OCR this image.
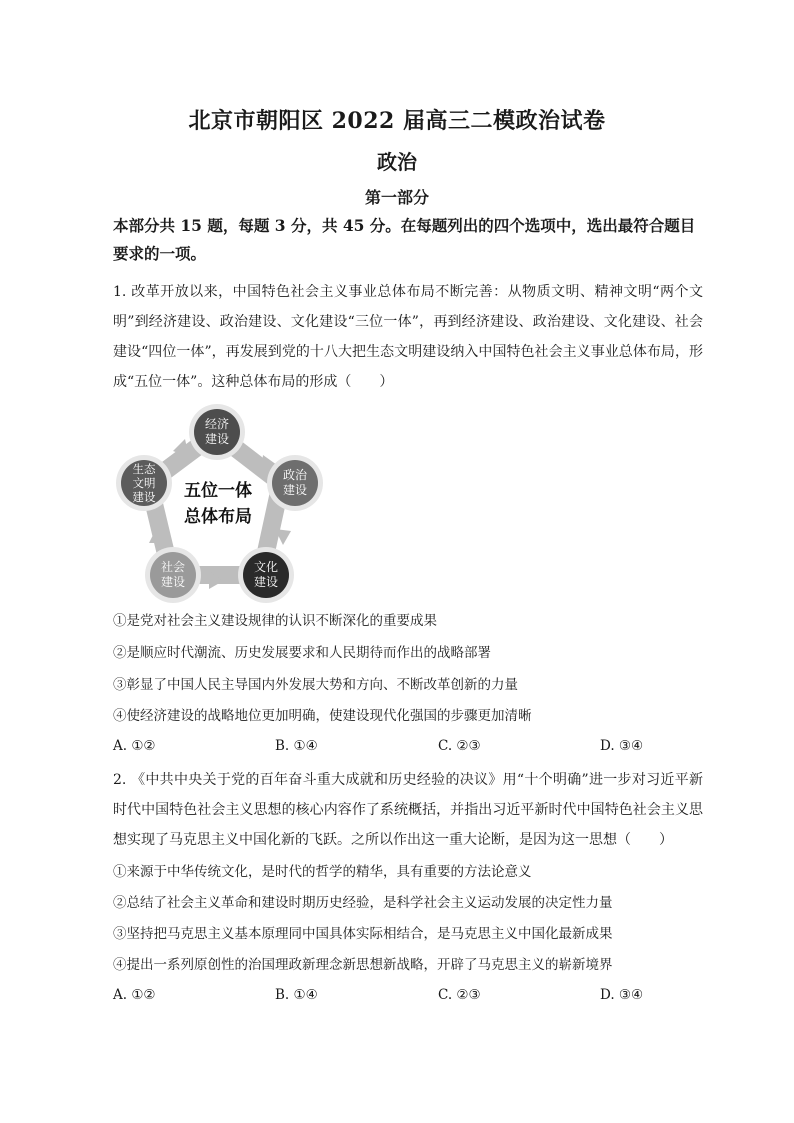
北京市朝阳区 2022 届高三二模政治试卷
政治
第一部分
本部分共 15 题，每题 3 分，共 45 分。在每题列出的四个选项中，选出最符合题目要求的一项。
1. 改革开放以来，中国特色社会主义事业总体布局不断完善：从物质文明、精神文明“两个文明”到经济建设、政治建设、文化建设“三位一体”，再到经济建设、政治建设、文化建设、社会建设“四位一体”，再发展到党的十八大把生态文明建设纳入中国特色社会主义事业总体布局，形成“五位一体”。这种总体布局的形成（　　）
五位一体
总体布局
经济
建设
政治
建设
文化
建设
社会
建设
生态
文明
建设
①是党对社会主义建设规律的认识不断深化的重要成果
②是顺应时代潮流、历史发展要求和人民期待而作出的战略部署
③彰显了中国人民主导国内外发展大势和方向、不断改革创新的力量
④使经济建设的战略地位更加明确，使建设现代化强国的步骤更加清晰
A. ①②	B. ①④	C. ②③	D. ③④
2. 《中共中央关于党的百年奋斗重大成就和历史经验的决议》用“十个明确”进一步对习近平新时代中国特色社会主义思想的核心内容作了系统概括，并指出习近平新时代中国特色社会主义思想实现了马克思主义中国化新的飞跃。之所以作出这一重大论断，是因为这一思想（　　）
①来源于中华传统文化，是时代的哲学的精华，具有重要的方法论意义
②总结了社会主义革命和建设时期历史经验，是科学社会主义运动发展的决定性力量
③坚持把马克思主义基本原理同中国具体实际相结合，是马克思主义中国化最新成果
④提出一系列原创性的治国理政新理念新思想新战略，开辟了马克思主义的崭新境界
A. ①②	B. ①④	C. ②③	D. ③④
